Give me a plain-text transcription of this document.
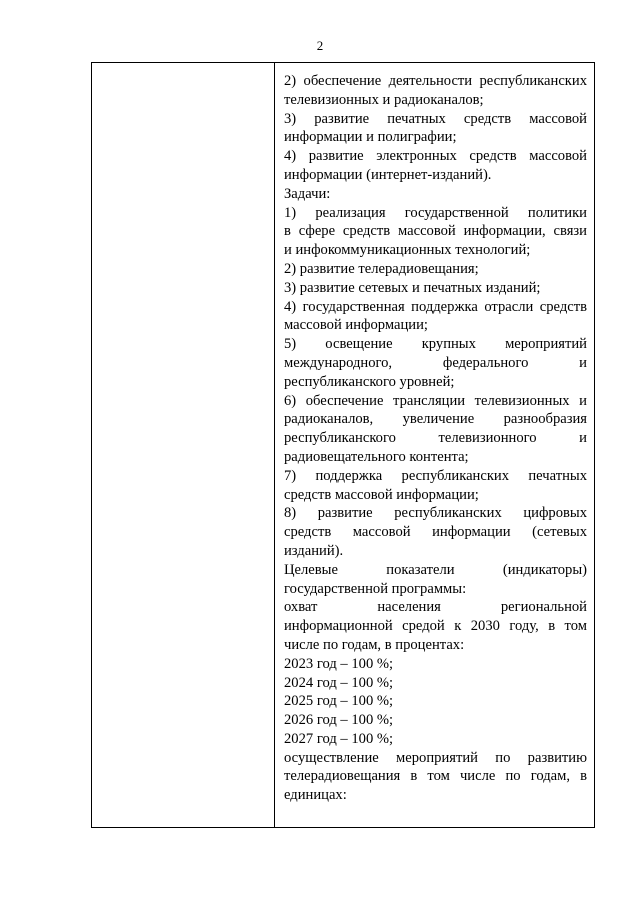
2
2) обеспечение деятельности республиканских
телевизионных и радиоканалов;
3) развитие печатных средств массовой
информации и полиграфии;
4) развитие электронных средств массовой
информации (интернет-изданий).
Задачи:
1) реализация государственной политики
в сфере средств массовой информации, связи
и инфокоммуникационных технологий;
2) развитие телерадиовещания;
3) развитие сетевых и печатных изданий;
4) государственная поддержка отрасли средств
массовой информации;
5) освещение крупных мероприятий
международного, федерального и
республиканского уровней;
6) обеспечение трансляции телевизионных и
радиоканалов, увеличение разнообразия
республиканского телевизионного и
радиовещательного контента;
7) поддержка республиканских печатных
средств массовой информации;
8) развитие республиканских цифровых
средств массовой информации (сетевых
изданий).
Целевые показатели (индикаторы)
государственной программы:
охват населения региональной
информационной средой к 2030 году, в том
числе по годам, в процентах:
2023 год – 100 %;
2024 год – 100 %;
2025 год – 100 %;
2026 год – 100 %;
2027 год – 100 %;
осуществление мероприятий по развитию
телерадиовещания в том числе по годам, в
единицах:
